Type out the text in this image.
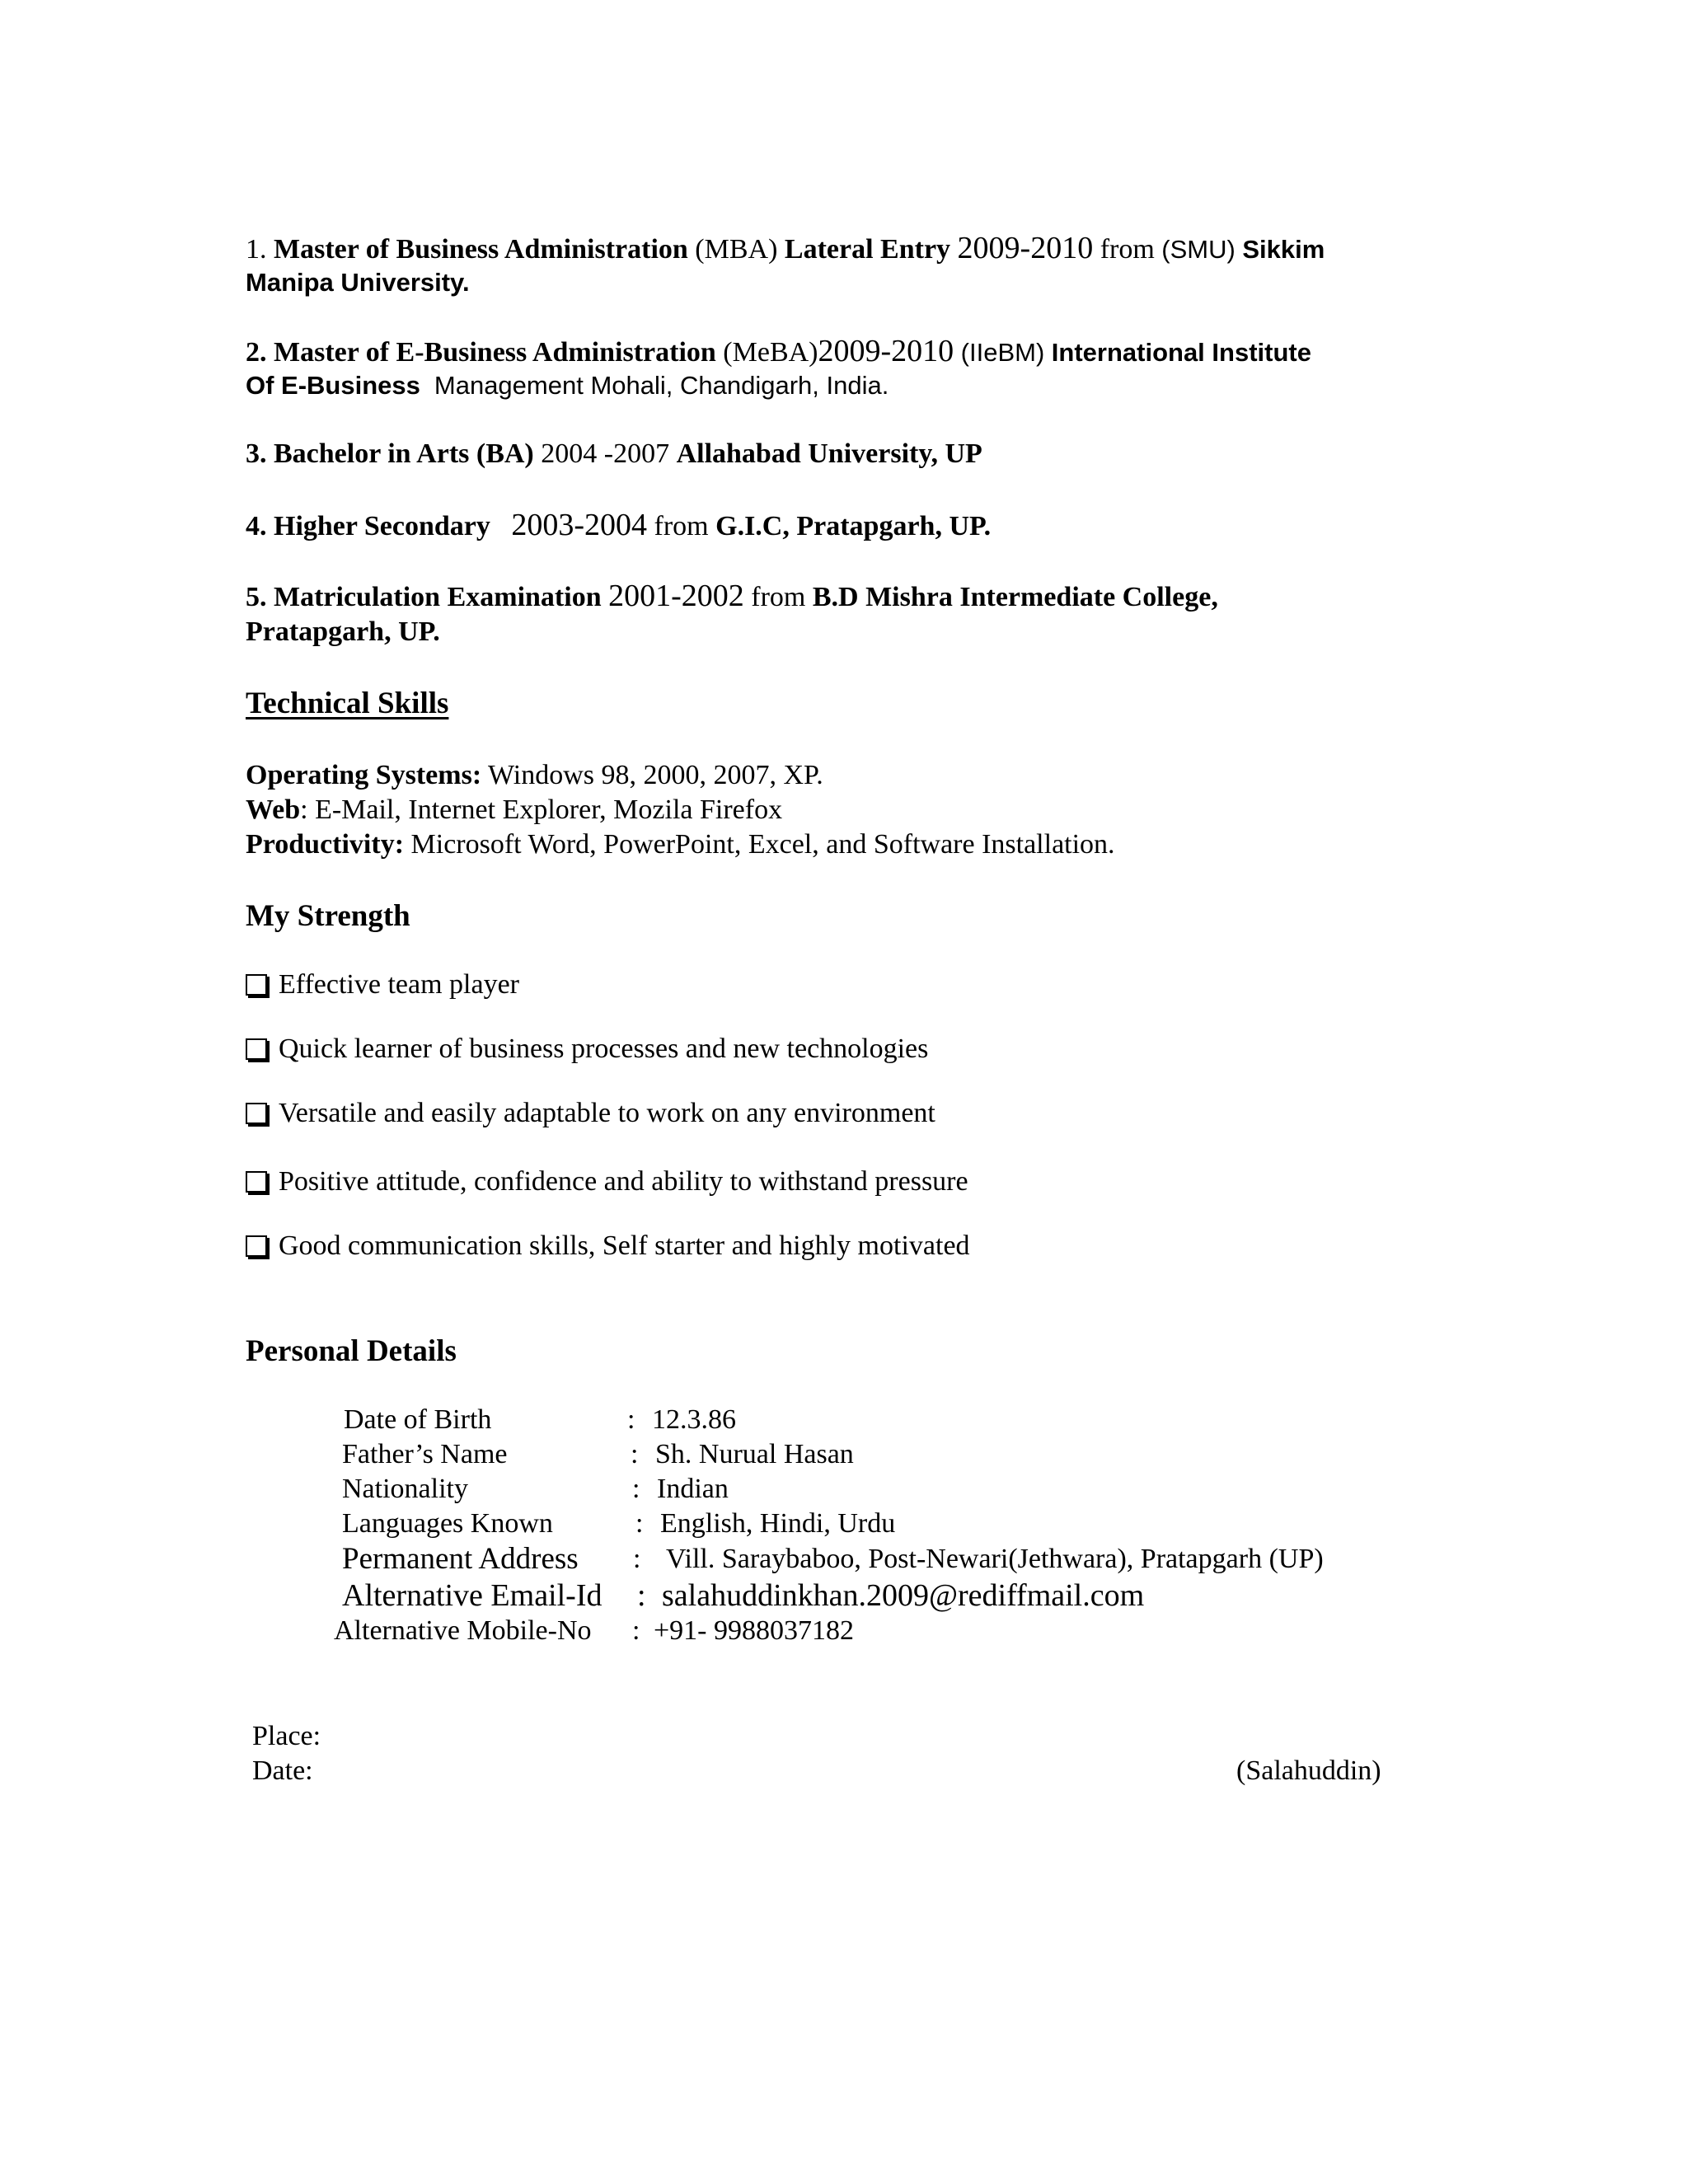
1. Master of Business Administration (MBA) Lateral Entry 2009-2010 from (SMU) Sikkim
Manipa University.
2. Master of E-Business Administration (MeBA)2009-2010 (IIeBM) International Institute
Of E-Business Management Mohali, Chandigarh, India.
3. Bachelor in Arts (BA) 2004 -2007 Allahabad University, UP
4. Higher Secondary 2003-2004 from G.I.C, Pratapgarh, UP.
5. Matriculation Examination 2001-2002 from B.D Mishra Intermediate College,
Pratapgarh, UP.
Technical Skills
Operating Systems: Windows 98, 2000, 2007, XP.
Web: E-Mail, Internet Explorer, Mozila Firefox
Productivity: Microsoft Word, PowerPoint, Excel, and Software Installation.
My Strength
Effective team player
Quick learner of business processes and new technologies
Versatile and easily adaptable to work on any environment
Positive attitude, confidence and ability to withstand pressure
Good communication skills, Self starter and highly motivated
Personal Details
Date of Birth	: 12.3.86
Father’s Name	: Sh. Nurual Hasan
Nationality	: Indian
Languages Known	: English, Hindi, Urdu
Permanent Address : Vill. Saraybaboo, Post-Newari(Jethwara), Pratapgarh (UP)
Alternative Email-Id : salahuddinkhan.2009@rediffmail.com
Alternative Mobile-No : +91- 9988037182
Place:
Date:	(Salahuddin)
